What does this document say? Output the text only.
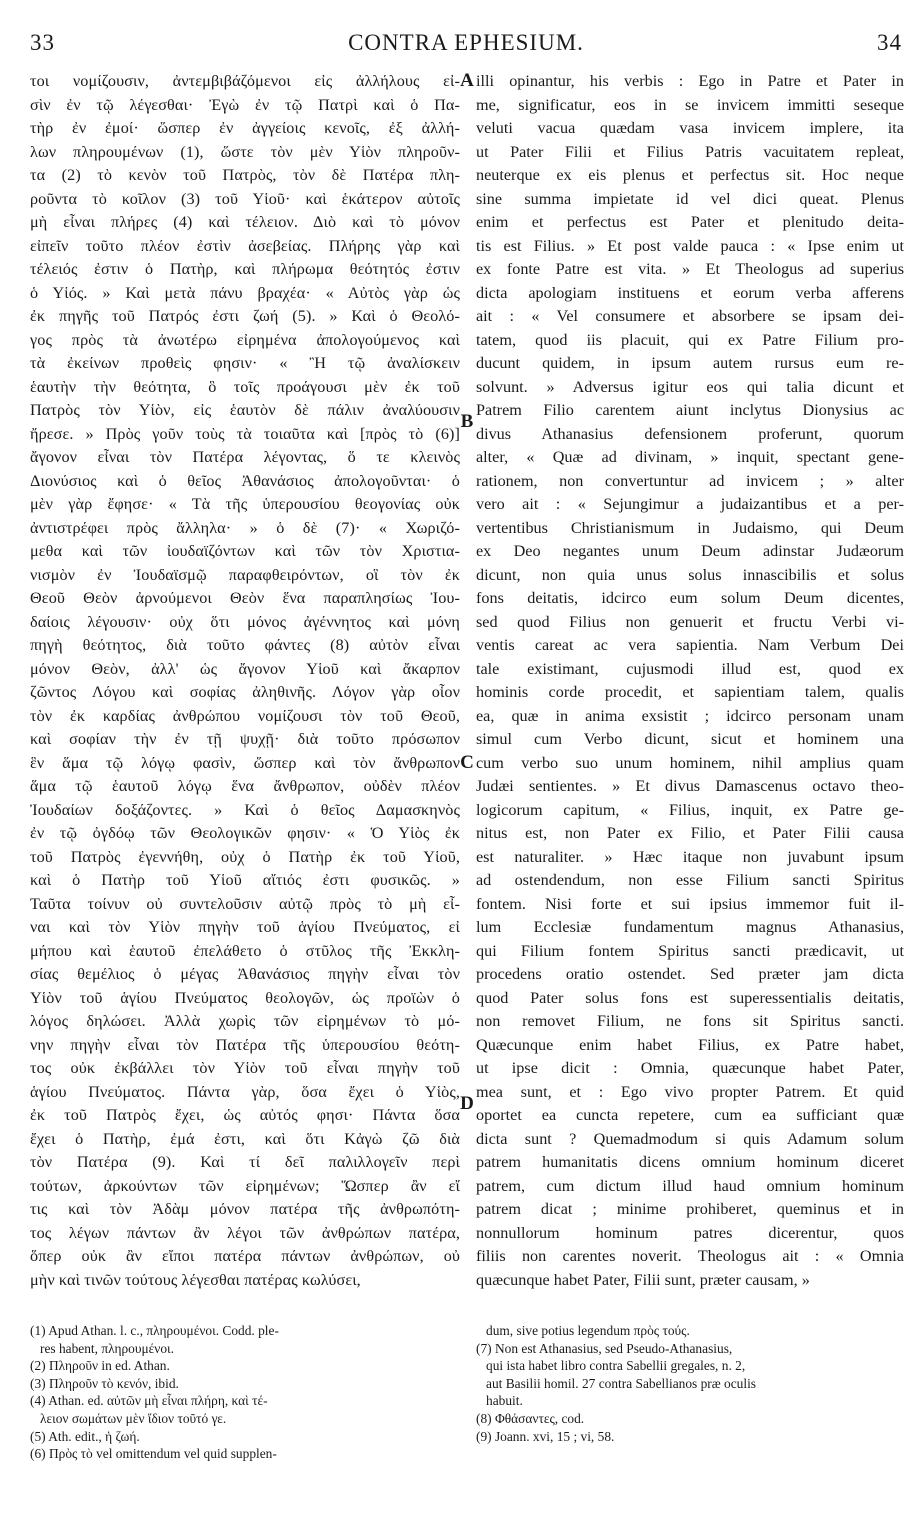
33	CONTRA EPHESIUM.	34
τοι νομίζουσιν, ἀντεμβιβάζόμενοι εἰς ἀλλήλους εἰ-
σὶν ἐν τῷ λέγεσθαι· Ἐγὼ ἐν τῷ Πατρὶ καὶ ὁ Πα-
τὴρ ἐν ἐμοί· ὥσπερ ἐν ἀγγείοις κενοῖς, ἐξ ἀλλή-
λων πληρουμένων (1), ὥστε τὸν μὲν Υἱὸν πληροῦν-
τα (2) τὸ κενὸν τοῦ Πατρὸς, τὸν δὲ Πατέρα πλη-
ροῦντα τὸ κοῖλον (3) τοῦ Υἱοῦ· καὶ ἑκάτερον αὐτοῖς
μὴ εἶναι πλήρες (4) καὶ τέλειον. Διὸ καὶ τὸ μόνον
εἰπεῖν τοῦτο πλέον ἐστὶν ἀσεβείας. Πλήρης γὰρ καὶ
τέλειός ἐστιν ὁ Πατὴρ, καὶ πλήρωμα θεότητός ἐστιν
ὁ Υἱός. » Καὶ μετὰ πάνυ βραχέα· « Αὐτὸς γὰρ ὡς
ἐκ πηγῆς τοῦ Πατρός ἐστι ζωή (5). » Καὶ ὁ Θεολό-
γος πρὸς τὰ ἀνωτέρω εἰρημένα ἀπολογούμενος καὶ
τὰ ἐκείνων προθεὶς φησιν· « Ἢ τῷ ἀναλίσκειν
ἑαυτὴν τὴν θεότητα, ὃ τοῖς προάγουσι μὲν ἐκ τοῦ
Πατρὸς τὸν Υἱὸν, εἰς ἑαυτὸν δὲ πάλιν ἀναλύουσιν
ἤρεσε. » Πρὸς γοῦν τοὺς τὰ τοιαῦτα καὶ [πρὸς τὸ (6)]
ἄγονον εἶναι τὸν Πατέρα λέγοντας, ὅ τε κλεινὸς
Διονύσιος καὶ ὁ θεῖος Ἀθανάσιος ἀπολογοῦνται· ὁ
μὲν γὰρ ἔφησε· « Τὰ τῆς ὑπερουσίου θεογονίας οὐκ
ἀντιστρέφει πρὸς ἄλληλα· » ὁ δὲ (7)· « Χωριζό-
μεθα καὶ τῶν ἰουδαϊζόντων καὶ τῶν τὸν Χριστια-
νισμὸν ἐν Ἰουδαϊσμῷ παραφθειρόντων, οἳ τὸν ἐκ
Θεοῦ Θεὸν ἀρνούμενοι Θεὸν ἕνα παραπλησίως Ἰου-
δαίοις λέγουσιν· οὐχ ὅτι μόνος ἀγέννητος καὶ μόνη
πηγὴ θεότητος, διὰ τοῦτο φάντες (8) αὐτὸν εἶναι
μόνον Θεὸν, ἀλλ' ὡς ἄγονον Υἱοῦ καὶ ἄκαρπον
ζῶντος Λόγου καὶ σοφίας ἀληθινῆς. Λόγον γὰρ οἷον
τὸν ἐκ καρδίας ἀνθρώπου νομίζουσι τὸν τοῦ Θεοῦ,
καὶ σοφίαν τὴν ἐν τῇ ψυχῇ· διὰ τοῦτο πρόσωπον
ἓν ἅμα τῷ λόγῳ φασὶν, ὥσπερ καὶ τὸν ἄνθρωπον
ἅμα τῷ ἑαυτοῦ λόγῳ ἕνα ἄνθρωπον, οὐδὲν πλέον
Ἰουδαίων δοξάζοντες. » Καὶ ὁ θεῖος Δαμασκηνὸς
ἐν τῷ ὀγδόῳ τῶν Θεολογικῶν φησιν· « Ὁ Υἱὸς ἐκ
τοῦ Πατρὸς ἐγεννήθη, οὐχ ὁ Πατὴρ ἐκ τοῦ Υἱοῦ,
καὶ ὁ Πατὴρ τοῦ Υἱοῦ αἴτιός ἐστι φυσικῶς. »
Ταῦτα τοίνυν οὐ συντελοῦσιν αὐτῷ πρὸς τὸ μὴ εἶ-
ναι καὶ τὸν Υἱὸν πηγὴν τοῦ ἁγίου Πνεύματος, εἰ
μήπου καὶ ἑαυτοῦ ἐπελάθετο ὁ στῦλος τῆς Ἐκκλη-
σίας θεμέλιος ὁ μέγας Ἀθανάσιος πηγὴν εἶναι τὸν
Υἱὸν τοῦ ἁγίου Πνεύματος θεολογῶν, ὡς προϊὼν ὁ
λόγος δηλώσει. Ἀλλὰ χωρὶς τῶν εἰρημένων τὸ μό-
νην πηγὴν εἶναι τὸν Πατέρα τῆς ὑπερουσίου θεότη-
τος οὐκ ἐκβάλλει τὸν Υἱὸν τοῦ εἶναι πηγὴν τοῦ
ἁγίου Πνεύματος. Πάντα γὰρ, ὅσα ἔχει ὁ Υἱὸς,
ἐκ τοῦ Πατρὸς ἔχει, ὡς αὐτός φησι· Πάντα ὅσα
ἔχει ὁ Πατὴρ, ἐμά ἐστι, καὶ ὅτι Κἀγὼ ζῶ διὰ
τὸν Πατέρα (9). Καὶ τί δεῖ παλιλλογεῖν περὶ
τούτων, ἀρκούντων τῶν εἰρημένων; Ὥσπερ ἂν εἴ
τις καὶ τὸν Ἀδὰμ μόνον πατέρα τῆς ἀνθρωπότη-
τος λέγων πάντων ἂν λέγοι τῶν ἀνθρώπων πατέρα,
ὅπερ οὐκ ἂν εἴποι πατέρα πάντων ἀνθρώπων, οὐ
μὴν καὶ τινῶν τούτους λέγεσθαι πατέρας κωλύσει,
illi opinantur, his verbis : Ego in Patre et Pater in
me, significatur, eos in se invicem immitti seseque
veluti vacua quædam vasa invicem implere, ita
ut Pater Filii et Filius Patris vacuitatem repleat,
neuterque ex eis plenus et perfectus sit. Hoc neque
sine summa impietate id vel dici queat. Plenus
enim et perfectus est Pater et plenitudo deita-
tis est Filius. » Et post valde pauca : « Ipse enim ut
ex fonte Patre est vita. » Et Theologus ad superius
dicta apologiam instituens et eorum verba afferens
ait : « Vel consumere et absorbere se ipsam dei-
tatem, quod iis placuit, qui ex Patre Filium pro-
ducunt quidem, in ipsum autem rursus eum re-
solvunt. » Adversus igitur eos qui talia dicunt et
Patrem Filio carentem aiunt inclytus Dionysius ac
divus Athanasius defensionem proferunt, quorum
alter, « Quæ ad divinam, » inquit, spectant gene-
rationem, non convertuntur ad invicem ; » alter
vero ait : « Sejungimur a judaizantibus et a per-
vertentibus Christianismum in Judaismo, qui Deum
ex Deo negantes unum Deum adinstar Judæorum
dicunt, non quia unus solus innascibilis et solus
fons deitatis, idcirco eum solum Deum dicentes,
sed quod Filius non genuerit et fructu Verbi vi-
ventis careat ac vera sapientia. Nam Verbum Dei
tale existimant, cujusmodi illud est, quod ex
hominis corde procedit, et sapientiam talem, qualis
ea, quæ in anima exsistit ; idcirco personam unam
simul cum Verbo dicunt, sicut et hominem una
cum verbo suo unum hominem, nihil amplius quam
Judæi sentientes. » Et divus Damascenus octavo theo-
logicorum capitum, « Filius, inquit, ex Patre ge-
nitus est, non Pater ex Filio, et Pater Filii causa
est naturaliter. » Hæc itaque non juvabunt ipsum
ad ostendendum, non esse Filium sancti Spiritus
fontem. Nisi forte et sui ipsius immemor fuit il-
lum Ecclesiæ fundamentum magnus Athanasius,
qui Filium fontem Spiritus sancti prædicavit, ut
procedens oratio ostendet. Sed præter jam dicta
quod Pater solus fons est superessentialis deitatis,
non removet Filium, ne fons sit Spiritus sancti.
Quæcunque enim habet Filius, ex Patre habet,
ut ipse dicit : Omnia, quæcunque habet Pater,
mea sunt, et : Ego vivo propter Patrem. Et quid
oportet ea cuncta repetere, cum ea sufficiant quæ
dicta sunt ? Quemadmodum si quis Adamum solum
patrem humanitatis dicens omnium hominum diceret
patrem, cum dictum illud haud omnium hominum
patrem dicat ; minime prohiberet, queminus et in
nonnullorum hominum patres dicerentur, quos
filiis non carentes noverit. Theologus ait : « Omnia
quæcunque habet Pater, Filii sunt, præter causam, »
A
B
C
D
(1) Apud Athan. l. c., πληρουμένοι. Codd. ple-
res habent, πληρουμένοι.
(2) Πληροῦν in ed. Athan.
(3) Πληροῦν τὸ κενόν, ibid.
(4) Athan. ed. αὐτῶν μὴ εἶναι πλήρη, καὶ τέ-
λειον σωμάτων μὲν ἴδιον τοῦτό γε.
(5) Ath. edit., ἡ ζωή.
(6) Πρὸς τὸ vel omittendum vel quid supplen-
dum, sive potius legendum πρὸς τούς.
(7) Non est Athanasius, sed Pseudo-Athanasius,
qui ista habet libro contra Sabellii gregales, n. 2,
aut Basilii homil. 27 contra Sabellianos præ oculis
habuit.
(8) Φθάσαντες, cod.
(9) Joann. xvi, 15 ; vi, 58.
